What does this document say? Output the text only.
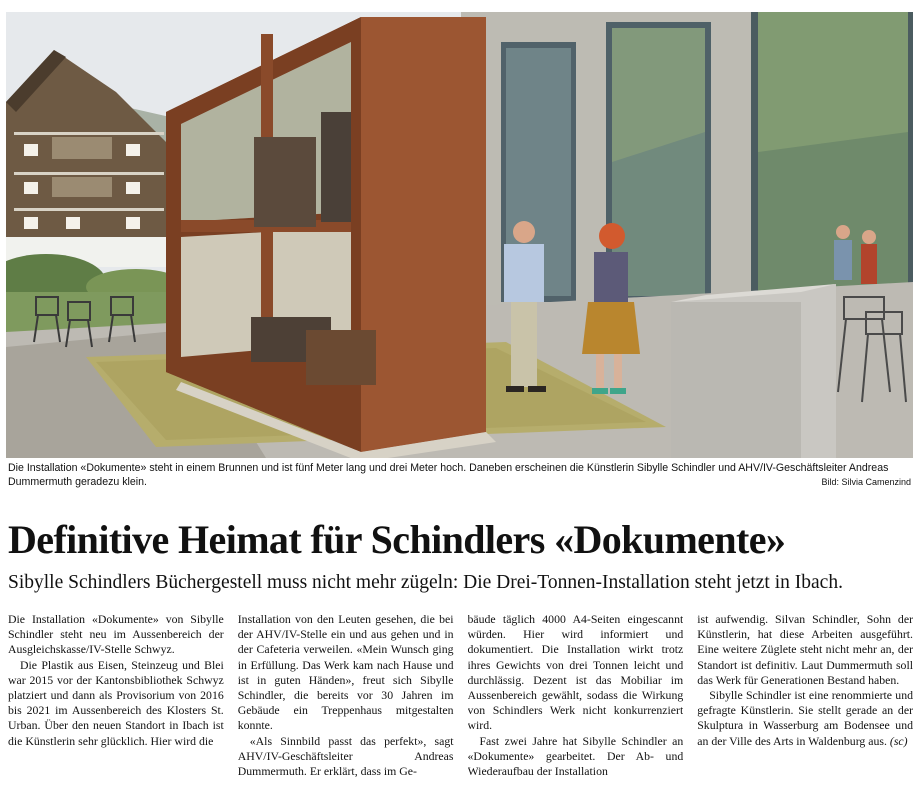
Die Installation «Dokumente» steht in einem Brunnen und ist fünf Meter lang und drei Meter hoch. Daneben erscheinen die Künstlerin Sibylle Schindler und AHV/IV-Geschäftsleiter Andreas Dummermuth geradezu klein.	Bild: Silvia Camenzind
Definitive Heimat für Schindlers «Dokumente»
Sibylle Schindlers Büchergestell muss nicht mehr zügeln: Die Drei-Tonnen-Installation steht jetzt in Ibach.

Die Installation «Dokumente» von Sibylle Schindler steht neu im Aussenbereich der Ausgleichskasse/IV-Stelle Schwyz.

Die Plastik aus Eisen, Steinzeug und Blei war 2015 vor der Kantonsbibliothek Schwyz platziert und dann als Provisorium von 2016 bis 2021 im Aussenbereich des Klosters St. Urban. Über den neuen Standort in Ibach ist die Künstlerin sehr glücklich. Hier wird die

Installation von den Leuten gesehen, die bei der AHV/IV-Stelle ein und aus gehen und in der Cafeteria verweilen. «Mein Wunsch ging in Erfüllung. Das Werk kam nach Hause und ist in guten Händen», freut sich Sibylle Schindler, die bereits vor 30 Jahren im Gebäude ein Treppenhaus mitgestalten konnte.

«Als Sinnbild passt das perfekt», sagt AHV/IV-Geschäftsleiter Andreas Dummermuth. Er erklärt, dass im Ge-

bäude täglich 4000 A4-Seiten eingescannt würden. Hier wird informiert und dokumentiert. Die Installation wirkt trotz ihres Gewichts von drei Tonnen leicht und durchlässig. Dezent ist das Mobiliar im Aussenbereich gewählt, sodass die Wirkung von Schindlers Werk nicht konkurrenziert wird.

Fast zwei Jahre hat Sibylle Schindler an «Dokumente» gearbeitet. Der Ab- und Wiederaufbau der Installation

ist aufwendig. Silvan Schindler, Sohn der Künstlerin, hat diese Arbeiten ausgeführt. Eine weitere Züglete steht nicht mehr an, der Standort ist definitiv. Laut Dummermuth soll das Werk für Generationen Bestand haben.

Sibylle Schindler ist eine renommierte und gefragte Künstlerin. Sie stellt gerade an der Skulptura in Wasserburg am Bodensee und an der Ville des Arts in Waldenburg aus. (sc)
